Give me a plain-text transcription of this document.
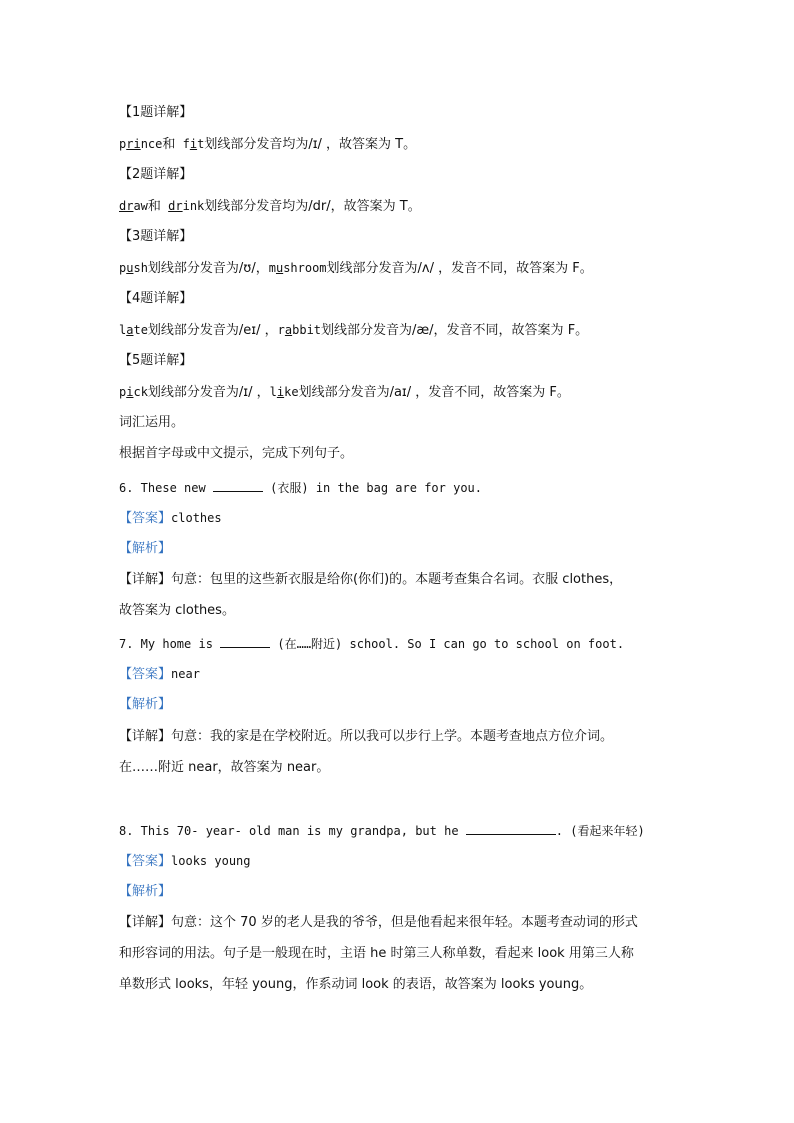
【1题详解】
prince和 fit划线部分发音均为/ɪ/ ，故答案为 T。
【2题详解】
draw和 drink划线部分发音均为/dr/，故答案为 T。
【3题详解】
push划线部分发音为/ʊ/，mushroom划线部分发音为/ʌ/ ，发音不同，故答案为 F。
【4题详解】
late划线部分发音为/eɪ/ ，rabbit划线部分发音为/æ/，发音不同，故答案为 F。
【5题详解】
pick划线部分发音为/ɪ/ ，like划线部分发音为/aɪ/ ，发音不同，故答案为 F。
词汇运用。
根据首字母或中文提示，完成下列句子。
6. These new	(衣服) in the bag are for you.
【答案】clothes
【解析】
【详解】句意：包里的这些新衣服是给你(你们)的。本题考查集合名词。衣服 clothes，
故答案为 clothes。
7. My home is	(在……附近) school. So I can go to school on foot.
【答案】near
【解析】
【详解】句意：我的家是在学校附近。所以我可以步行上学。本题考查地点方位介词。
在……附近 near，故答案为 near。
8. This 70- year- old man is my grandpa, but he	. (看起来年轻)
【答案】looks young
【解析】
【详解】句意：这个 70 岁的老人是我的爷爷，但是他看起来很年轻。本题考查动词的形式
和形容词的用法。句子是一般现在时，主语 he 时第三人称单数，看起来 look 用第三人称
单数形式 looks，年轻 young，作系动词 look 的表语，故答案为 looks young。
